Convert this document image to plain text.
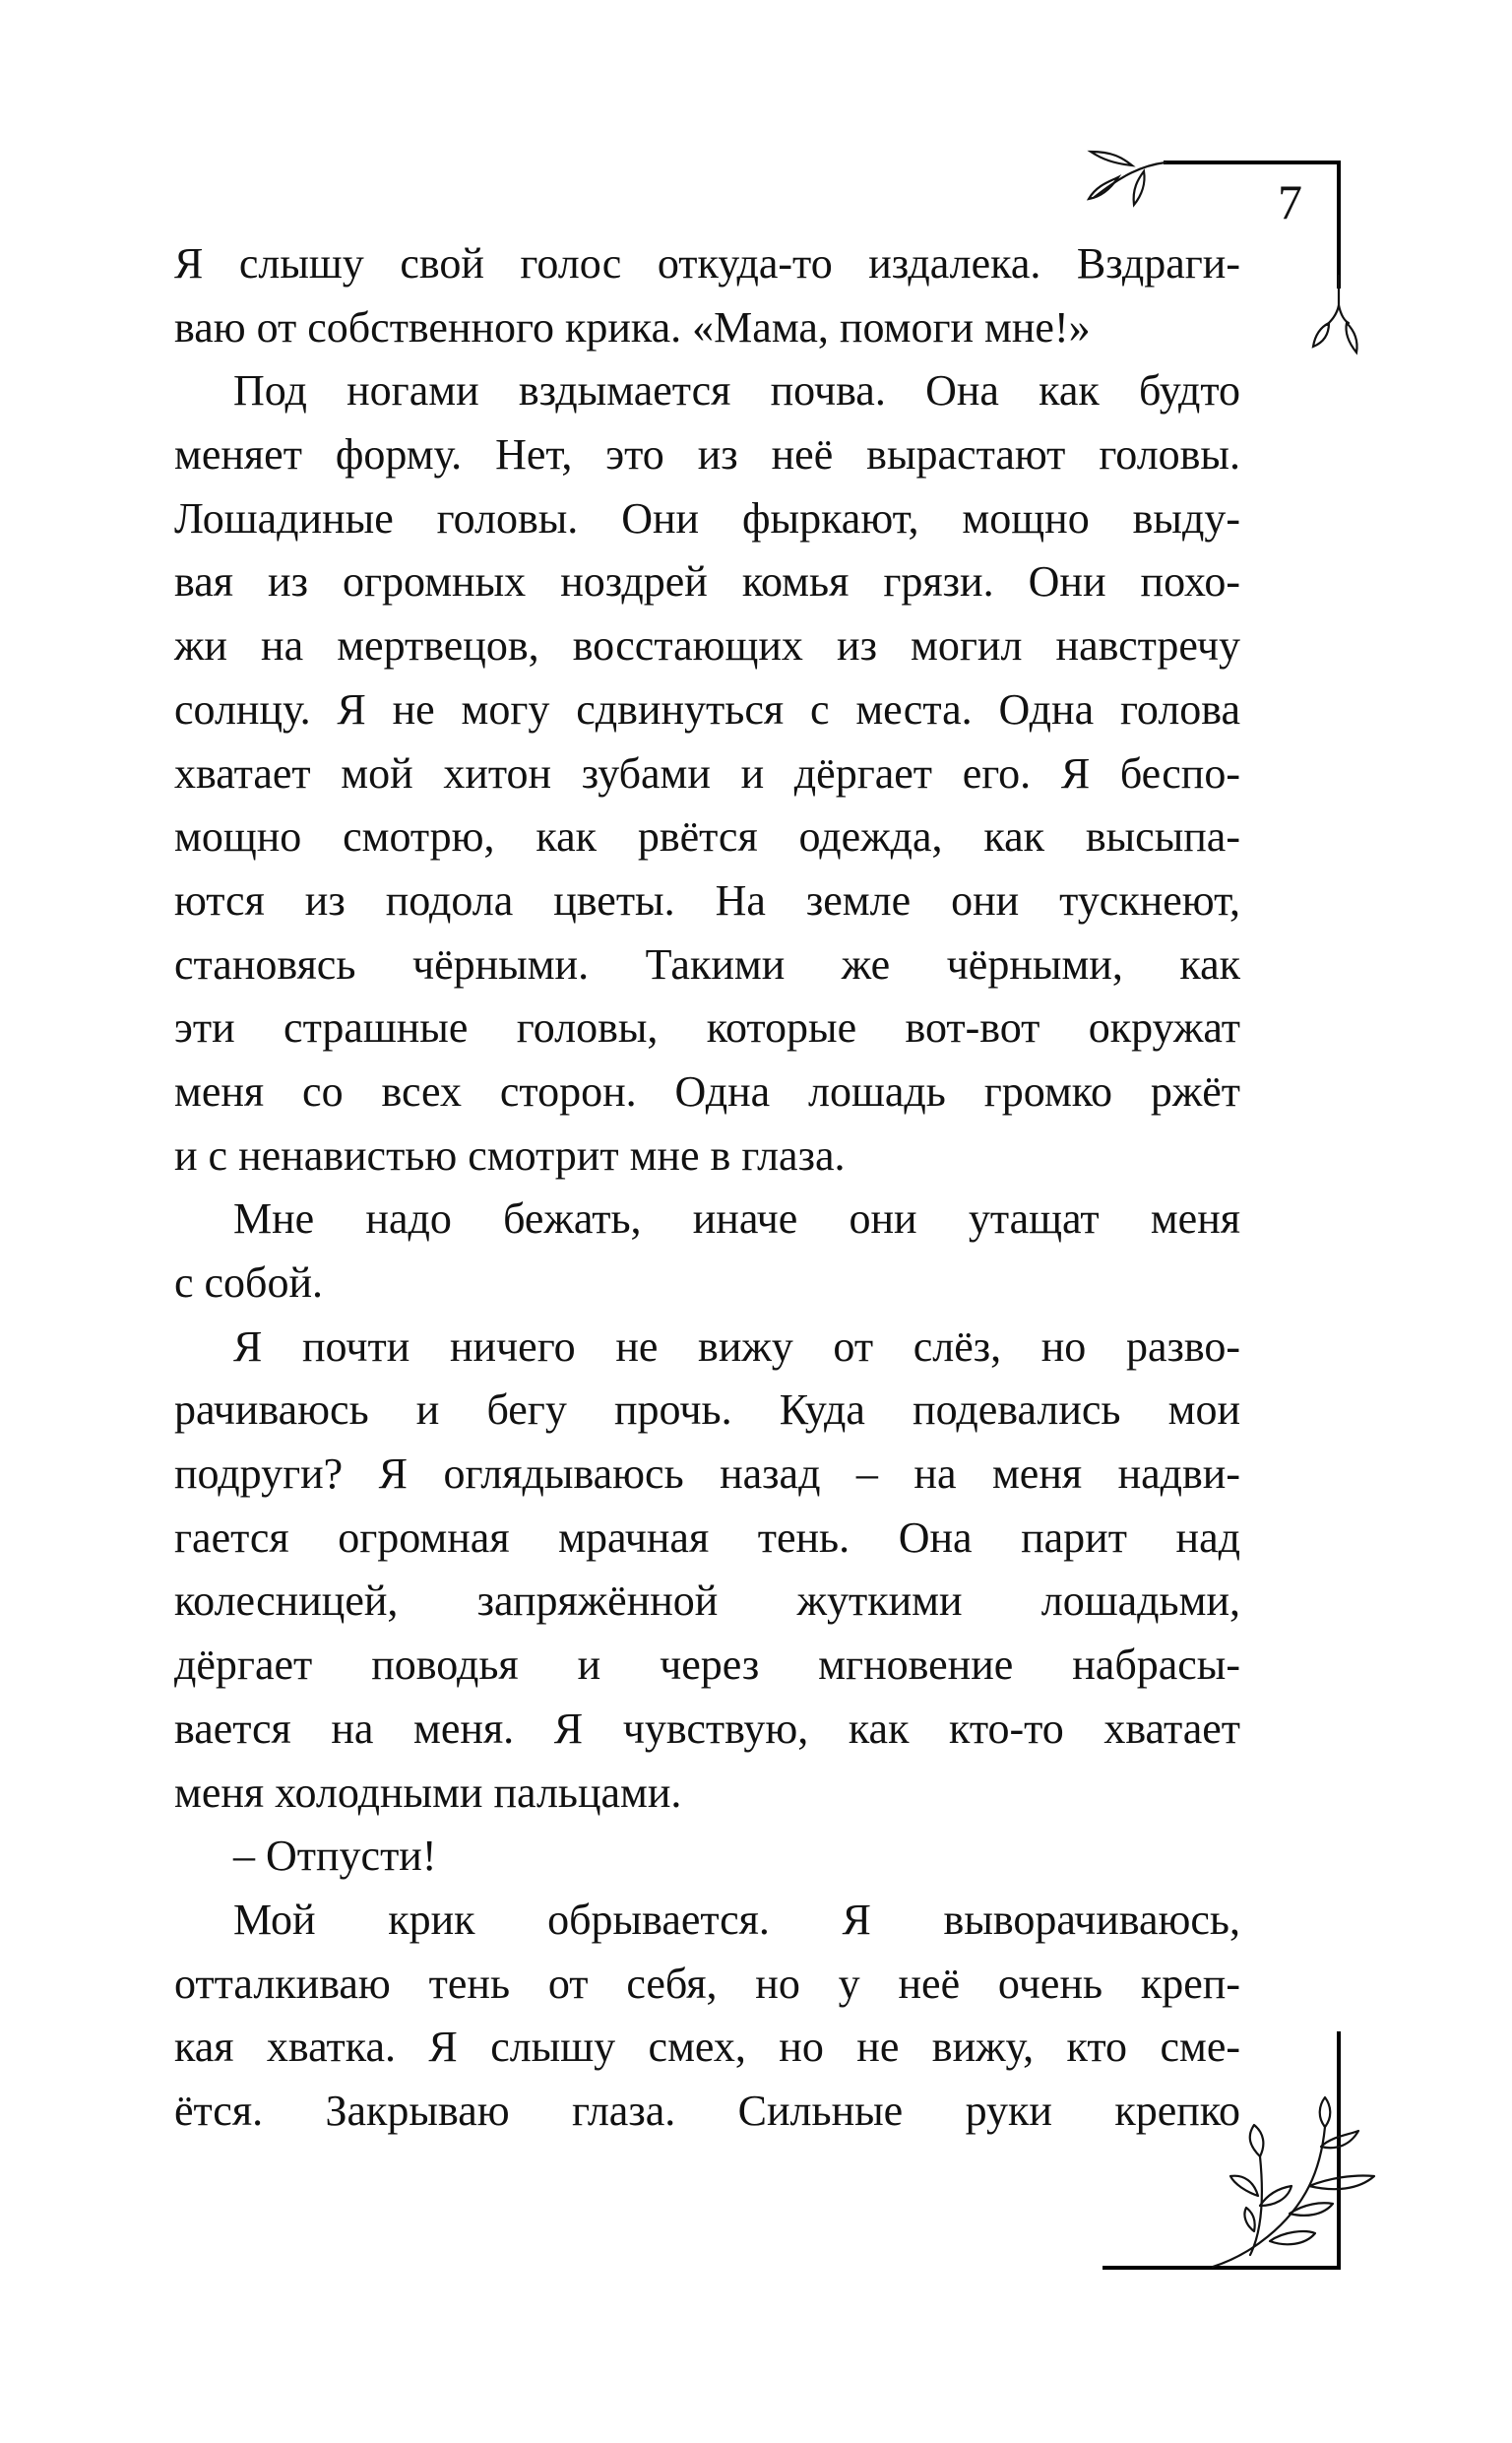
7
Я слышу свой голос откуда-то издалека. Вздраги-
ваю от собственного крика. «Мама, помоги мне!»
Под ногами вздымается почва. Она как будто
меняет форму. Нет, это из неё вырастают головы.
Лошадиные головы. Они фыркают, мощно выду-
вая из огромных ноздрей комья грязи. Они похо-
жи на мертвецов, восстающих из могил навстречу
солнцу. Я не могу сдвинуться с места. Одна голова
хватает мой хитон зубами и дёргает его. Я беспо-
мощно смотрю, как рвётся одежда, как высыпа-
ются из подола цветы. На земле они тускнеют,
становясь чёрными. Такими же чёрными, как
эти страшные головы, которые вот-вот окружат
меня со всех сторон. Одна лошадь громко ржёт
и с ненавистью смотрит мне в глаза.
Мне надо бежать, иначе они утащат меня
с собой.
Я почти ничего не вижу от слёз, но разво-
рачиваюсь и бегу прочь. Куда подевались мои
подруги? Я оглядываюсь назад – на меня надви-
гается огромная мрачная тень. Она парит над
колесницей, запряжённой жуткими лошадьми,
дёргает поводья и через мгновение набрасы-
вается на меня. Я чувствую, как кто-то хватает
меня холодными пальцами.
– Отпусти!
Мой крик обрывается. Я выворачиваюсь,
отталкиваю тень от себя, но у неё очень креп-
кая хватка. Я слышу смех, но не вижу, кто сме-
ётся. Закрываю глаза. Сильные руки крепко
